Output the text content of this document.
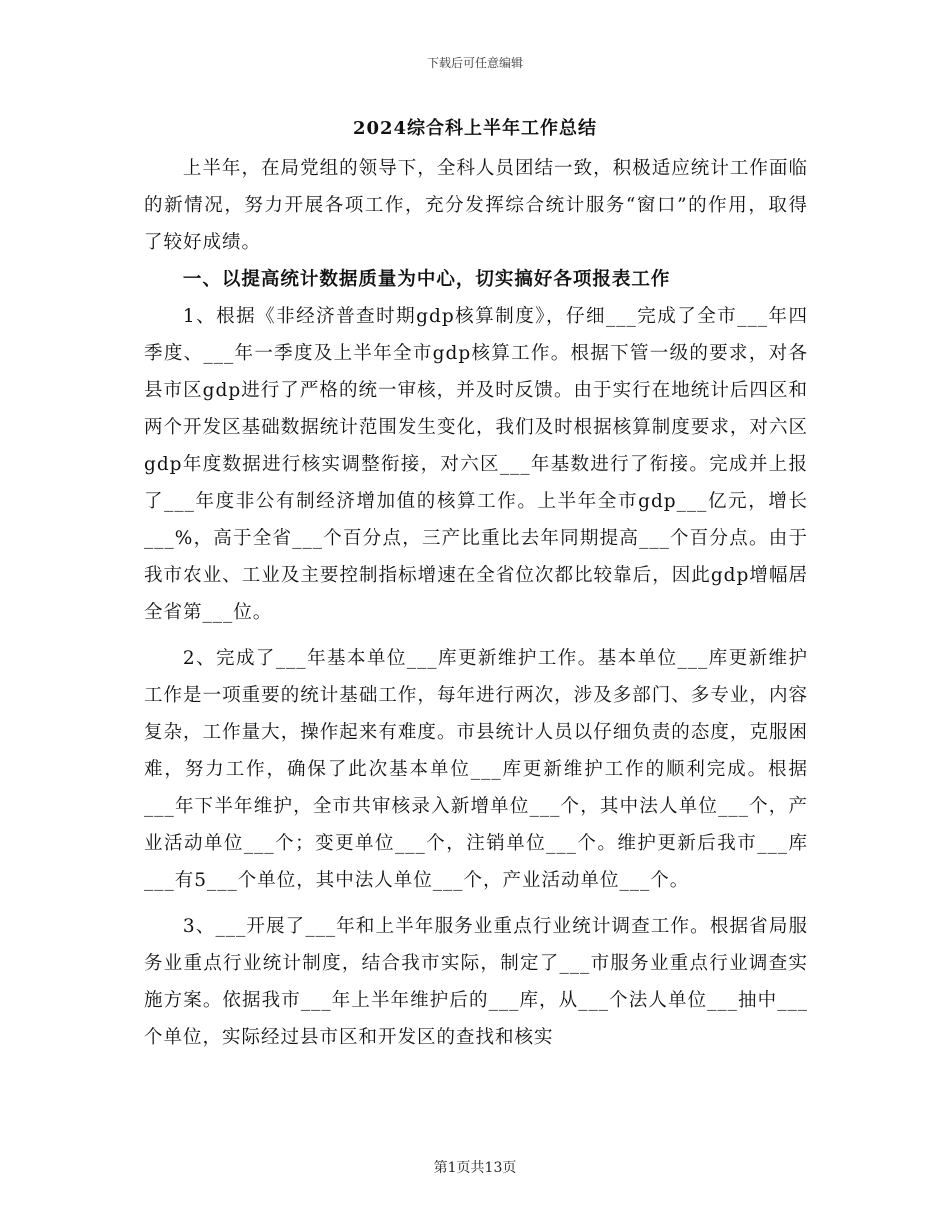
下载后可任意编辑
2024综合科上半年工作总结

上半年，在局党组的领导下，全科人员团结一致，积极适应统计工作面临的新情况，努力开展各项工作，充分发挥综合统计服务“窗口”的作用，取得了较好成绩。

一、以提高统计数据质量为中心，切实搞好各项报表工作

1、根据《非经济普查时期gdp核算制度》，仔细___完成了全市___年四季度、___年一季度及上半年全市gdp核算工作。根据下管一级的要求，对各县市区gdp进行了严格的统一审核，并及时反馈。由于实行在地统计后四区和两个开发区基础数据统计范围发生变化，我们及时根据核算制度要求，对六区gdp年度数据进行核实调整衔接，对六区___年基数进行了衔接。完成并上报了___年度非公有制经济增加值的核算工作。上半年全市gdp___亿元，增长___%，高于全省___个百分点，三产比重比去年同期提高___个百分点。由于我市农业、工业及主要控制指标增速在全省位次都比较靠后，因此gdp增幅居全省第___位。

2、完成了___年基本单位___库更新维护工作。基本单位___库更新维护工作是一项重要的统计基础工作，每年进行两次，涉及多部门、多专业，内容复杂，工作量大，操作起来有难度。市县统计人员以仔细负责的态度，克服困难，努力工作，确保了此次基本单位___库更新维护工作的顺利完成。根据___年下半年维护，全市共审核录入新增单位___个，其中法人单位___个，产业活动单位___个；变更单位___个，注销单位___个。维护更新后我市___库___有5___个单位，其中法人单位___个，产业活动单位___个。

3、___开展了___年和上半年服务业重点行业统计调查工作。根据省局服务业重点行业统计制度，结合我市实际，制定了___市服务业重点行业调查实施方案。依据我市___年上半年维护后的___库，从___个法人单位___抽中___个单位，实际经过县市区和开发区的查找和核实

第1页共13页
